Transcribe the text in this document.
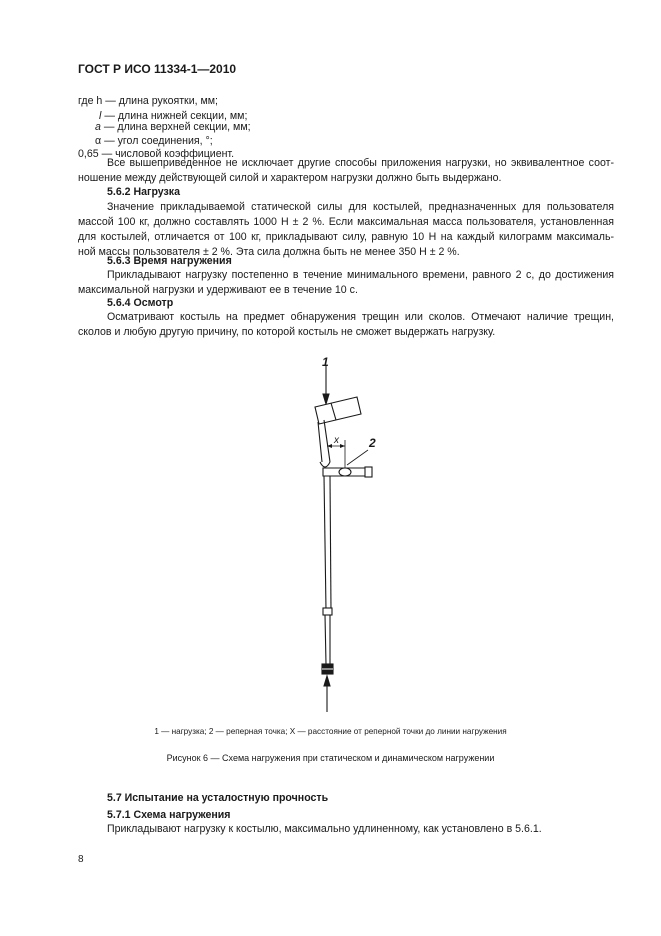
ГОСТ Р ИСО 11334-1—2010
где h — длина рукоятки, мм;
l — длина нижней секции, мм;
a — длина верхней секции, мм;
α — угол соединения, °;
0,65 — числовой коэффициент.
Все вышеприведенное не исключает другие способы приложения нагрузки, но эквивалентное соот-
ношение между действующей силой и характером нагрузки должно быть выдержано.
5.6.2 Нагрузка
Значение прикладываемой статической силы для костылей, предназначенных для пользователя
массой 100 кг, должно составлять 1000 Н ± 2 %. Если максимальная масса пользователя, установленная
для костылей, отличается от 100 кг, прикладывают силу, равную 10 Н на каждый килограмм максималь-
ной массы пользователя ± 2 %. Эта сила должна быть не менее 350 Н ± 2 %.
5.6.3 Время нагружения
Прикладывают нагрузку постепенно в течение минимального времени, равного 2 с, до достижения
максимальной нагрузки и удерживают ее в течение 10 с.
5.6.4 Осмотр
Осматривают костыль на предмет обнаружения трещин или сколов. Отмечают наличие трещин,
сколов и любую другую причину, по которой костыль не сможет выдержать нагрузку.
1
2
x
1 — нагрузка; 2 — реперная точка; X — расстояние от реперной точки до линии нагружения
Рисунок 6 — Схема нагружения при статическом и динамическом нагружении
5.7 Испытание на усталостную прочность
5.7.1 Схема нагружения
Прикладывают нагрузку к костылю, максимально удлиненному, как установлено в 5.6.1.
8
